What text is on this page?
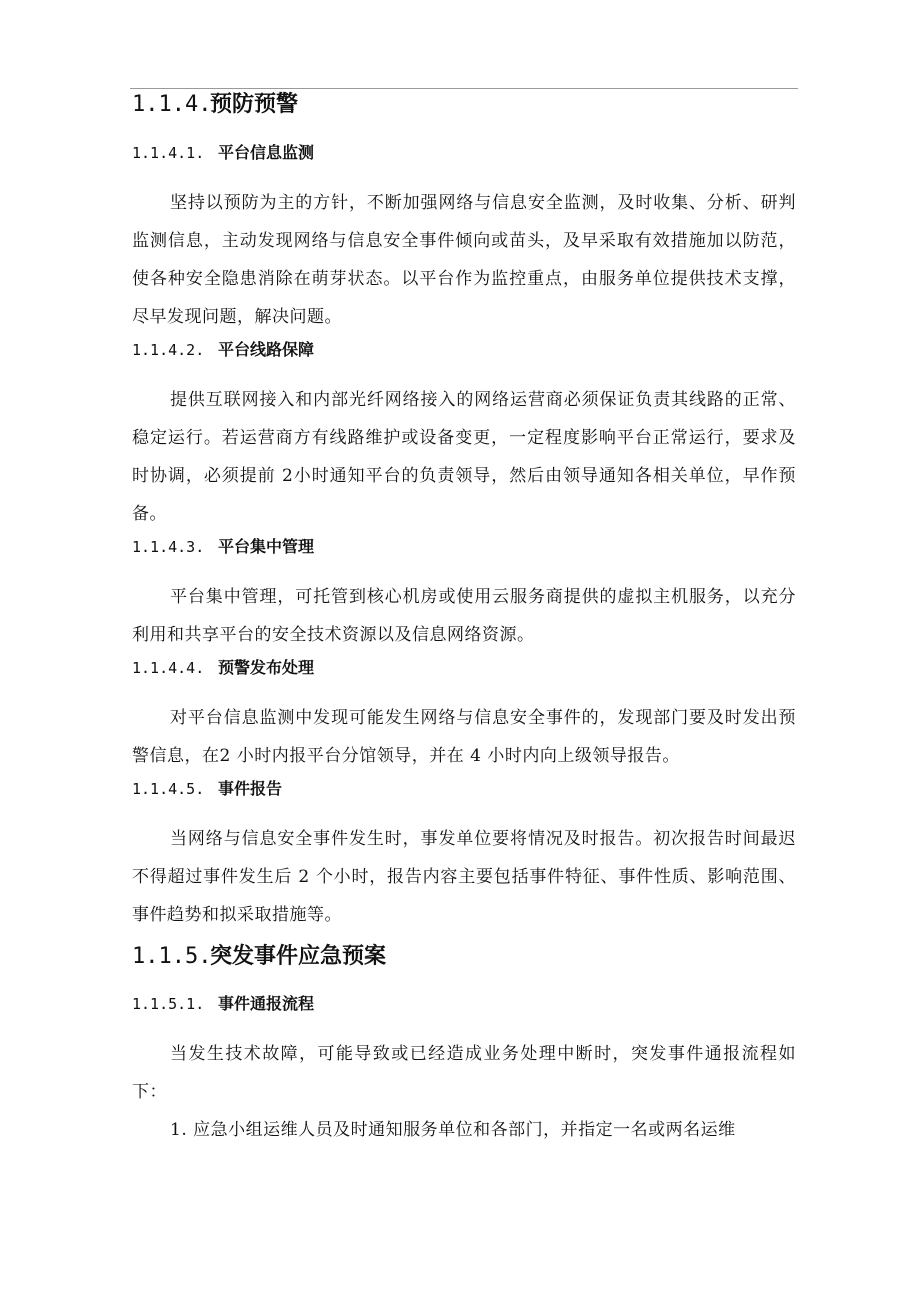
1.1.4.预防预警
1.1.4.1. 平台信息监测

坚持以预防为主的方针，不断加强网络与信息安全监测，及时收集、分析、研判监测信息，主动发现网络与信息安全事件倾向或苗头，及早采取有效措施加以防范，使各种安全隐患消除在萌芽状态。以平台作为监控重点，由服务单位提供技术支撑，尽早发现问题，解决问题。

1.1.4.2. 平台线路保障

提供互联网接入和内部光纤网络接入的网络运营商必须保证负责其线路的正常、稳定运行。若运营商方有线路维护或设备变更，一定程度影响平台正常运行，要求及时协调，必须提前 2小时通知平台的负责领导，然后由领导通知各相关单位，早作预备。

1.1.4.3. 平台集中管理

平台集中管理，可托管到核心机房或使用云服务商提供的虚拟主机服务，以充分利用和共享平台的安全技术资源以及信息网络资源。

1.1.4.4. 预警发布处理

对平台信息监测中发现可能发生网络与信息安全事件的，发现部门要及时发出预警信息，在2 小时内报平台分馆领导，并在 4 小时内向上级领导报告。

1.1.4.5. 事件报告

当网络与信息安全事件发生时，事发单位要将情况及时报告。初次报告时间最迟不得超过事件发生后 2 个小时，报告内容主要包括事件特征、事件性质、影响范围、事件趋势和拟采取措施等。

1.1.5.突发事件应急预案
1.1.5.1. 事件通报流程

当发生技术故障，可能导致或已经造成业务处理中断时，突发事件通报流程如下：

1. 应急小组运维人员及时通知服务单位和各部门，并指定一名或两名运维
